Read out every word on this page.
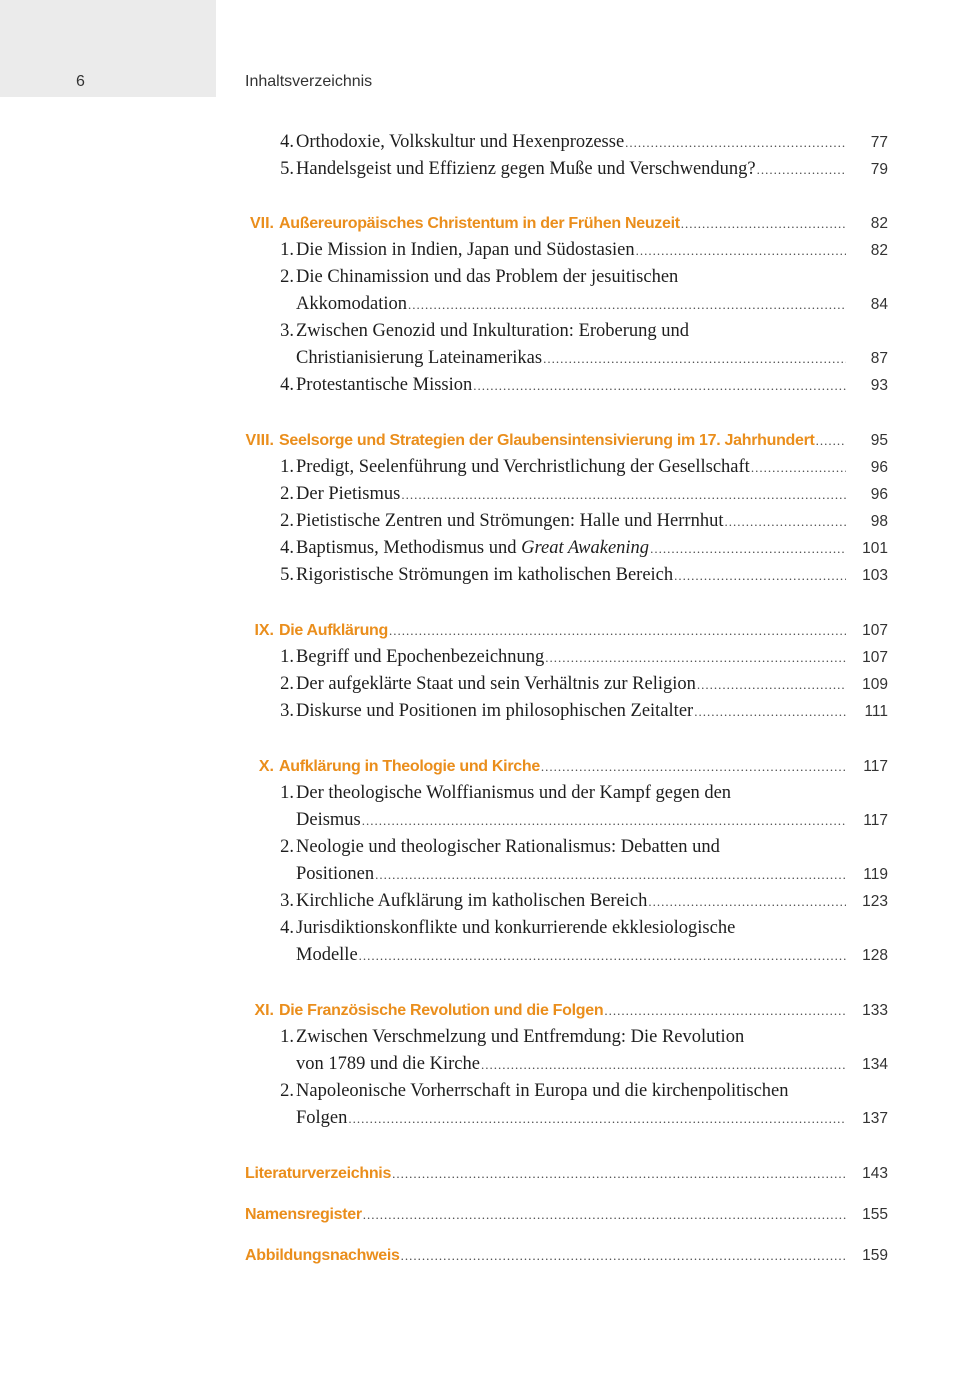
6	Inhaltsverzeichnis
4. Orthodoxie, Volkskultur und Hexenprozesse .....	77
5. Handelsgeist und Effizienz gegen Muße und Verschwendung? .....	79
VII. Außereuropäisches Christentum in der Frühen Neuzeit .....	82
1. Die Mission in Indien, Japan und Südostasien .....	82
2. Die Chinamission und das Problem der jesuitischen
Akkomodation .....	84
3. Zwischen Genozid und Inkulturation: Eroberung und
Christianisierung Lateinamerikas .....	87
4. Protestantische Mission .....	93
VIII. Seelsorge und Strategien der Glaubensintensivierung im 17. Jahrhundert .....	95
1. Predigt, Seelenführung und Verchristlichung der Gesellschaft .....	96
2. Der Pietismus .....	96
2. Pietistische Zentren und Strömungen: Halle und Herrnhut .....	98
4. Baptismus, Methodismus und Great Awakening .....	101
5. Rigoristische Strömungen im katholischen Bereich .....	103
IX. Die Aufklärung .....	107
1. Begriff und Epochenbezeichnung .....	107
2. Der aufgeklärte Staat und sein Verhältnis zur Religion .....	109
3. Diskurse und Positionen im philosophischen Zeitalter .....	111
X. Aufklärung in Theologie und Kirche .....	117
1. Der theologische Wolffianismus und der Kampf gegen den
Deismus .....	117
2. Neologie und theologischer Rationalismus: Debatten und
Positionen .....	119
3. Kirchliche Aufklärung im katholischen Bereich .....	123
4. Jurisdiktionskonflikte und konkurrierende ekklesiologische
Modelle .....	128
XI. Die Französische Revolution und die Folgen .....	133
1. Zwischen Verschmelzung und Entfremdung: Die Revolution
von 1789 und die Kirche .....	134
2. Napoleonische Vorherrschaft in Europa und die kirchenpolitischen
Folgen .....	137
Literaturverzeichnis .....	143
Namensregister .....	155
Abbildungsnachweis .....	159
